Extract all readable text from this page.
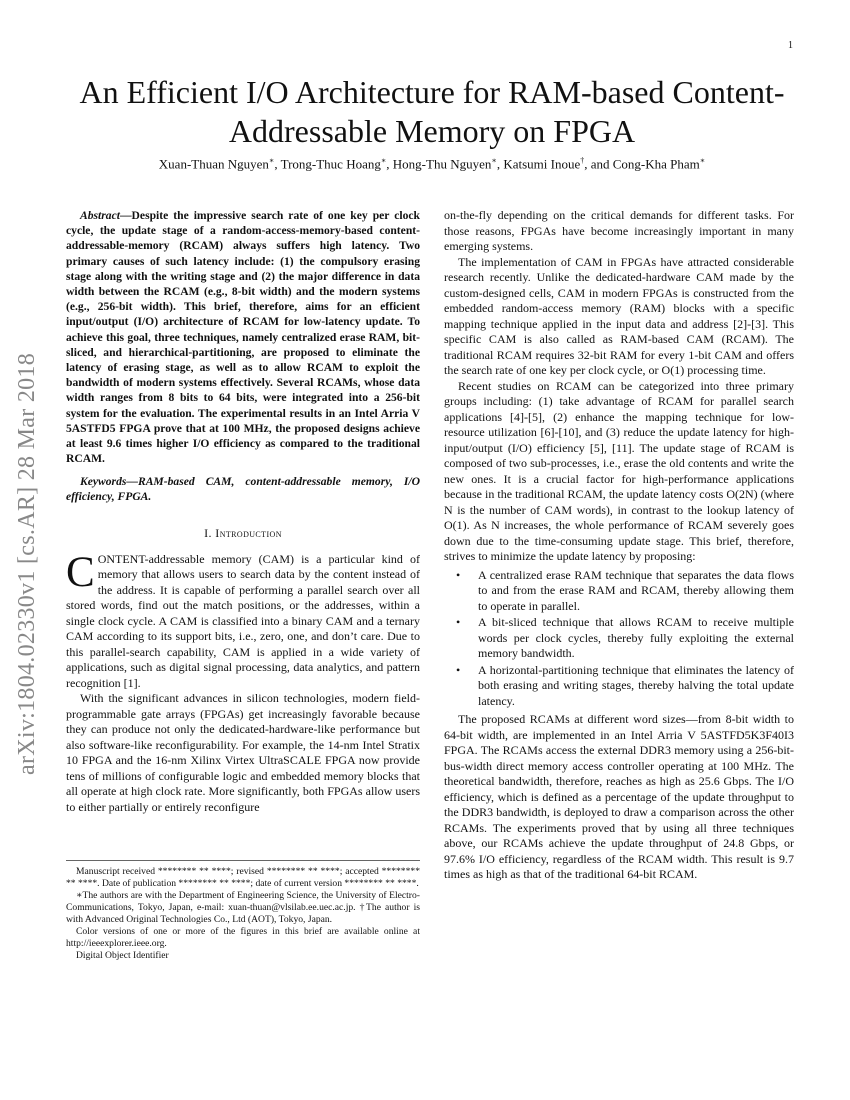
1
arXiv:1804.02330v1 [cs.AR] 28 Mar 2018
An Efficient I/O Architecture for RAM-based Content-Addressable Memory on FPGA
Xuan-Thuan Nguyen∗, Trong-Thuc Hoang∗, Hong-Thu Nguyen∗, Katsumi Inoue†, and Cong-Kha Pham∗

Abstract—Despite the impressive search rate of one key per clock cycle, the update stage of a random-access-memory-based content-addressable-memory (RCAM) always suffers high latency. Two primary causes of such latency include: (1) the compulsory erasing stage along with the writing stage and (2) the major difference in data width between the RCAM (e.g., 8-bit width) and the modern systems (e.g., 256-bit width). This brief, therefore, aims for an efficient input/output (I/O) architecture of RCAM for low-latency update. To achieve this goal, three techniques, namely centralized erase RAM, bit-sliced, and hierarchical-partitioning, are proposed to eliminate the latency of erasing stage, as well as to allow RCAM to exploit the bandwidth of modern systems effectively. Several RCAMs, whose data width ranges from 8 bits to 64 bits, were integrated into a 256-bit system for the evaluation. The experimental results in an Intel Arria V 5ASTFD5 FPGA prove that at 100 MHz, the proposed designs achieve at least 9.6 times higher I/O efficiency as compared to the traditional RCAM.

Keywords—RAM-based CAM, content-addressable memory, I/O efficiency, FPGA.

I. Introduction

CONTENT-addressable memory (CAM) is a particular kind of memory that allows users to search data by the content instead of the address. It is capable of performing a parallel search over all stored words, find out the match positions, or the addresses, within a single clock cycle. A CAM is classified into a binary CAM and a ternary CAM according to its support bits, i.e., zero, one, and don’t care. Due to this parallel-search capability, CAM is applied in a wide variety of applications, such as digital signal processing, data analytics, and pattern recognition [1].

With the significant advances in silicon technologies, modern field-programmable gate arrays (FPGAs) get increasingly favorable because they can produce not only the dedicated-hardware-like performance but also software-like reconfigurability. For example, the 14-nm Intel Stratix 10 FPGA and the 16-nm Xilinx Virtex UltraSCALE FPGA now provide tens of millions of configurable logic and embedded memory blocks that all operate at high clock rate. More significantly, both FPGAs allow users to either partially or entirely reconfigure

Manuscript received ******** ** ****; revised ******** ** ****; accepted ******** ** ****. Date of publication ******** ** ****; date of current version ******** ** ****.

∗The authors are with the Department of Engineering Science, the University of Electro-Communications, Tokyo, Japan, e-mail: xuan-thuan@vlsilab.ee.uec.ac.jp. †The author is with Advanced Original Technologies Co., Ltd (AOT), Tokyo, Japan.

Color versions of one or more of the figures in this brief are available online at http://ieeexplorer.ieee.org.

Digital Object Identifier

on-the-fly depending on the critical demands for different tasks. For those reasons, FPGAs have become increasingly important in many emerging systems.

The implementation of CAM in FPGAs have attracted considerable research recently. Unlike the dedicated-hardware CAM made by the custom-designed cells, CAM in modern FPGAs is constructed from the embedded random-access memory (RAM) blocks with a specific mapping technique applied in the input data and address [2]-[3]. This specific CAM is also called as RAM-based CAM (RCAM). The traditional RCAM requires 32-bit RAM for every 1-bit CAM and offers the search rate of one key per clock cycle, or O(1) processing time.

Recent studies on RCAM can be categorized into three primary groups including: (1) take advantage of RCAM for parallel search applications [4]-[5], (2) enhance the mapping technique for low-resource utilization [6]-[10], and (3) reduce the update latency for high-input/output (I/O) efficiency [5], [11]. The update stage of RCAM is composed of two sub-processes, i.e., erase the old contents and write the new ones. It is a crucial factor for high-performance applications because in the traditional RCAM, the update latency costs O(2N) (where N is the number of CAM words), in contrast to the lookup latency of O(1). As N increases, the whole performance of RCAM severely goes down due to the time-consuming update stage. This brief, therefore, strives to minimize the update latency by proposing:

• A centralized erase RAM technique that separates the data flows to and from the erase RAM and RCAM, thereby allowing them to operate in parallel.
• A bit-sliced technique that allows RCAM to receive multiple words per clock cycles, thereby fully exploiting the external memory bandwidth.
• A horizontal-partitioning technique that eliminates the latency of both erasing and writing stages, thereby halving the total update latency.

The proposed RCAMs at different word sizes—from 8-bit width to 64-bit width, are implemented in an Intel Arria V 5ASTFD5K3F40I3 FPGA. The RCAMs access the external DDR3 memory using a 256-bit-bus-width direct memory access controller operating at 100 MHz. The theoretical bandwidth, therefore, reaches as high as 25.6 Gbps. The I/O efficiency, which is defined as a percentage of the update throughput to the DDR3 bandwidth, is deployed to draw a comparison across the other RCAMs. The experiments proved that by using all three techniques above, our RCAMs achieve the update throughput of 24.8 Gbps, or 97.6% I/O efficiency, regardless of the RCAM width. This result is 9.7 times as high as that of the traditional 64-bit RCAM.
